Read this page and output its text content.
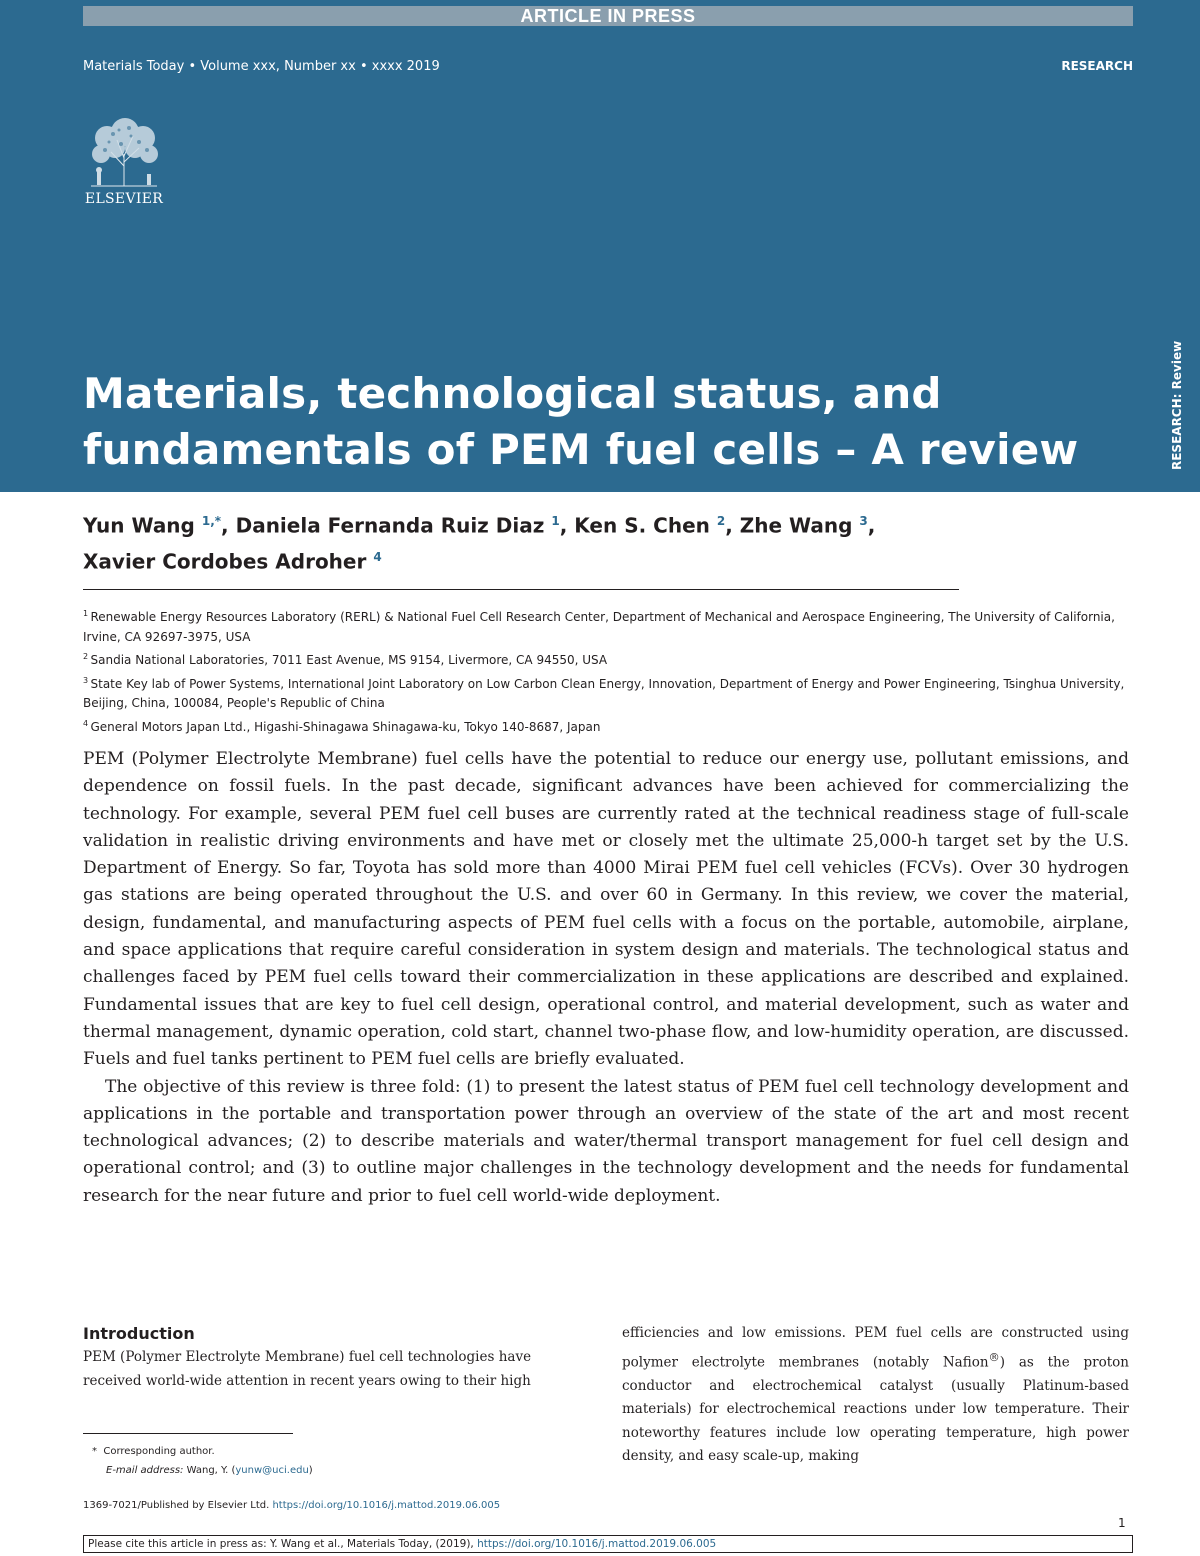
ARTICLE IN PRESS
Materials Today • Volume xxx, Number xx • xxxx 2019	RESEARCH
ELSEVIER
Materials, technological status, and fundamentals of PEM fuel cells – A review	RESEARCH: Review
Yun Wang $^{1,*}$, Daniela Fernanda Ruiz Diaz $^1$, Ken S. Chen $^2$, Zhe Wang $^3$,
Xavier Cordobes Adroher $^4$
$^1$  Renewable Energy Resources Laboratory (RERL) & National Fuel Cell Research Center, Department of Mechanical and Aerospace Engineering, The University of California, Irvine, CA 92697-3975, USA
$^2$  Sandia National Laboratories, 7011 East Avenue, MS 9154, Livermore, CA 94550, USA
$^3$  State Key lab of Power Systems, International Joint Laboratory on Low Carbon Clean Energy, Innovation, Department of Energy and Power Engineering, Tsinghua University, Beijing, China, 100084, People's Republic of China
$^4$  General Motors Japan Ltd., Higashi-Shinagawa Shinagawa-ku, Tokyo 140-8687, Japan

PEM (Polymer Electrolyte Membrane) fuel cells have the potential to reduce our energy use, pollutant emissions, and dependence on fossil fuels. In the past decade, significant advances have been achieved for commercializing the technology. For example, several PEM fuel cell buses are currently rated at the technical readiness stage of full-scale validation in realistic driving environments and have met or closely met the ultimate 25,000-h target set by the U.S. Department of Energy. So far, Toyota has sold more than 4000 Mirai PEM fuel cell vehicles (FCVs). Over 30 hydrogen gas stations are being operated throughout the U.S. and over 60 in Germany. In this review, we cover the material, design, fundamental, and manufacturing aspects of PEM fuel cells with a focus on the portable, automobile, airplane, and space applications that require careful consideration in system design and materials. The technological status and challenges faced by PEM fuel cells toward their commercialization in these applications are described and explained. Fundamental issues that are key to fuel cell design, operational control, and material development, such as water and thermal management, dynamic operation, cold start, channel two-phase flow, and low-humidity operation, are discussed. Fuels and fuel tanks pertinent to PEM fuel cells are briefly evaluated.

The objective of this review is three fold: (1) to present the latest status of PEM fuel cell technology development and applications in the portable and transportation power through an overview of the state of the art and most recent technological advances; (2) to describe materials and water/thermal transport management for fuel cell design and operational control; and (3) to outline major challenges in the technology development and the needs for fundamental research for the near future and prior to fuel cell world-wide deployment.

Introduction

PEM (Polymer Electrolyte Membrane) fuel cell technologies have received world-wide attention in recent years owing to their high

efficiencies and low emissions. PEM fuel cells are constructed using polymer electrolyte membranes (notably Nafion®) as the proton conductor and electrochemical catalyst (usually Platinum-based materials) for electrochemical reactions under low temperature. Their noteworthy features include low operating temperature, high power density, and easy scale-up, making

* Corresponding author.
E-mail address: Wang, Y. (yunw@uci.edu)
1369-7021/Published by Elsevier Ltd. https://doi.org/10.1016/j.mattod.2019.06.005
1
Please cite this article in press as: Y. Wang et al., Materials Today, (2019), https://doi.org/10.1016/j.mattod.2019.06.005
